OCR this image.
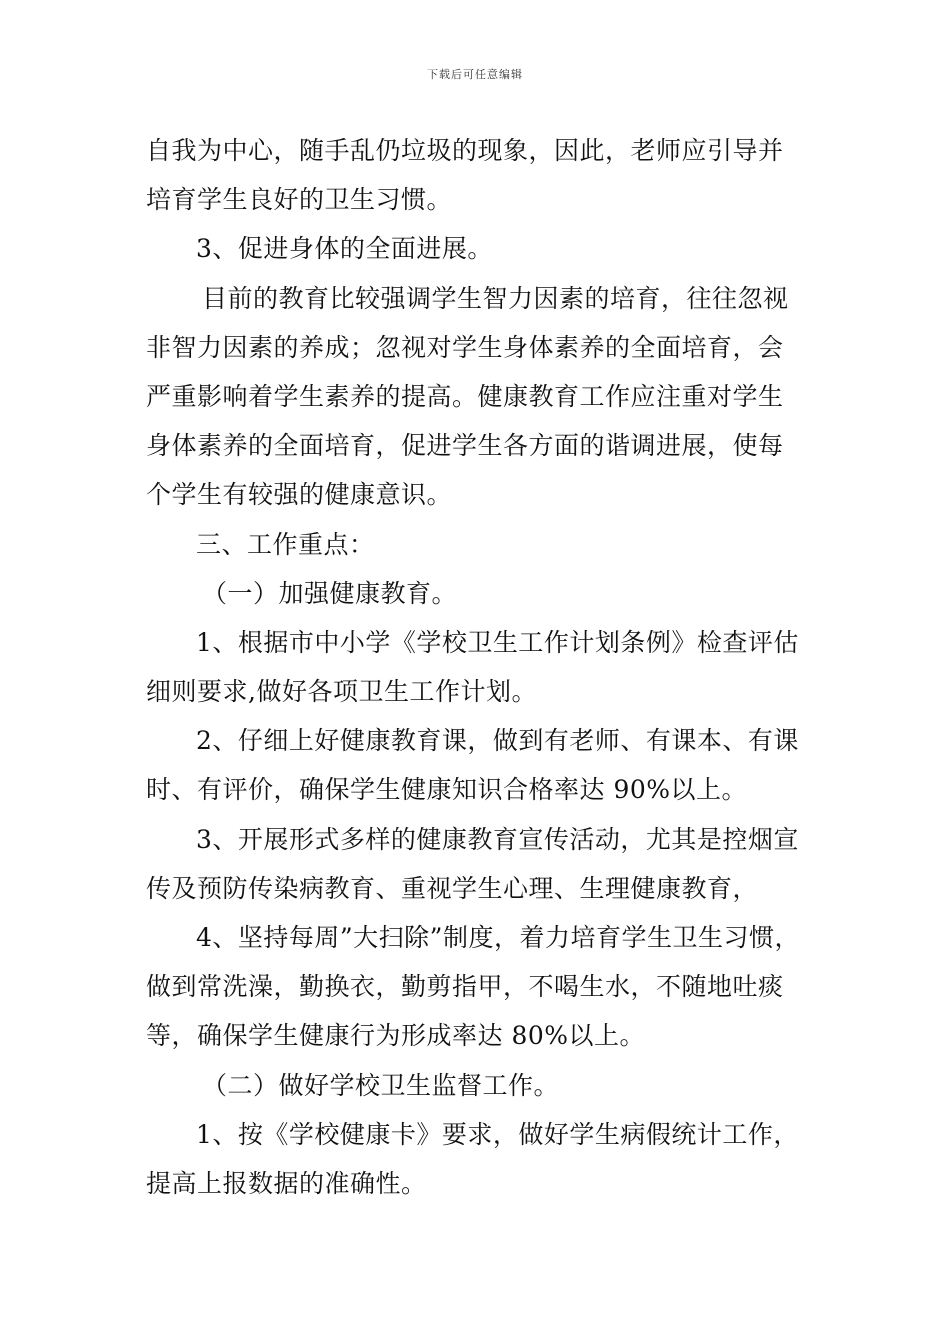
下载后可任意编辑
自我为中心，随手乱仍垃圾的现象，因此，老师应引导并
培育学生良好的卫生习惯。
3、促进身体的全面进展。
目前的教育比较强调学生智力因素的培育，往往忽视
非智力因素的养成；忽视对学生身体素养的全面培育，会
严重影响着学生素养的提高。健康教育工作应注重对学生
身体素养的全面培育，促进学生各方面的谐调进展，使每
个学生有较强的健康意识。
三、工作重点：
（一）加强健康教育。
1、根据市中小学《学校卫生工作计划条例》检查评估
细则要求,做好各项卫生工作计划。
2、仔细上好健康教育课，做到有老师、有课本、有课
时、有评价，确保学生健康知识合格率达 90%以上。
3、开展形式多样的健康教育宣传活动，尤其是控烟宣
传及预防传染病教育、重视学生心理、生理健康教育，
4、坚持每周”大扫除”制度，着力培育学生卫生习惯，
做到常洗澡，勤换衣，勤剪指甲，不喝生水，不随地吐痰
等，确保学生健康行为形成率达 80%以上。
（二）做好学校卫生监督工作。
1、按《学校健康卡》要求，做好学生病假统计工作，
提高上报数据的准确性。
